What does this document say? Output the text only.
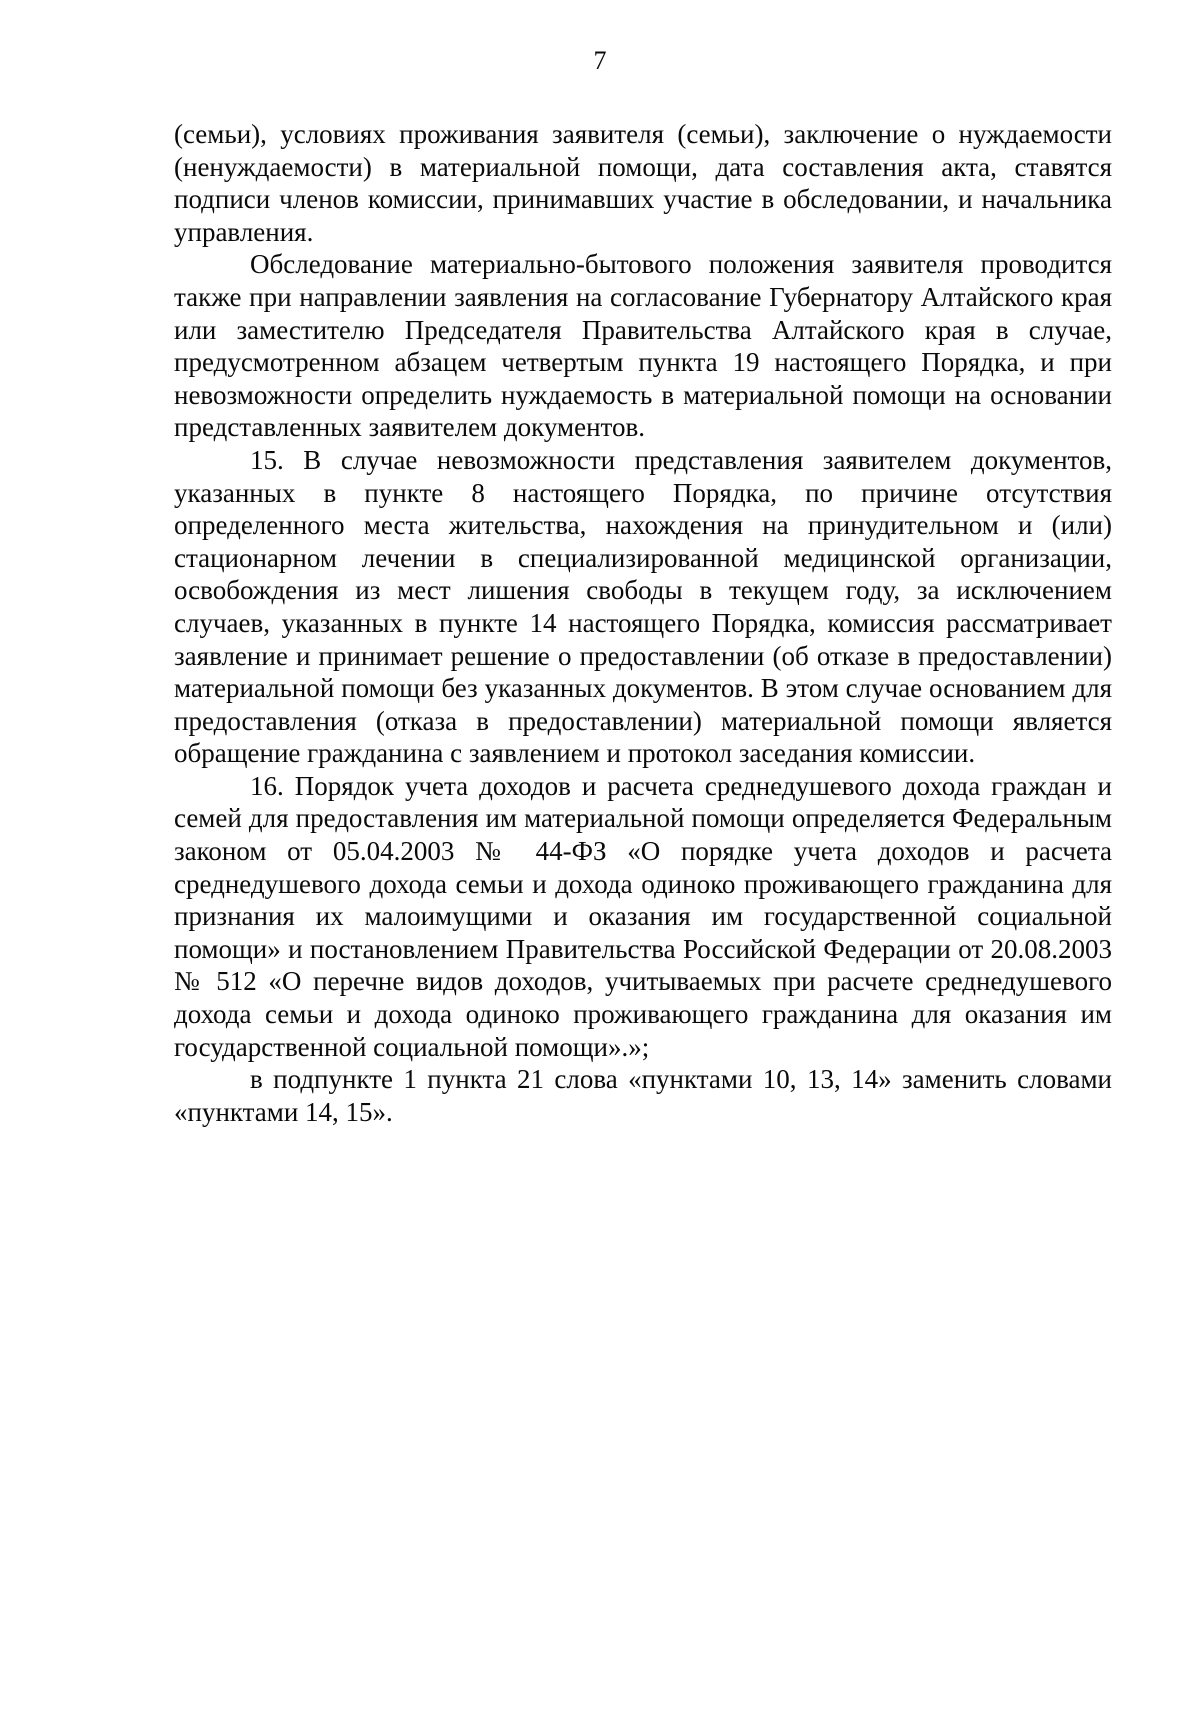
7

(семьи), условиях проживания заявителя (семьи), заключение о нуждаемости (ненуждаемости) в материальной помощи, дата составления акта, ставятся подписи членов комиссии, принимавших участие в обследовании, и начальника управления.

Обследование материально-бытового положения заявителя проводится также при направлении заявления на согласование Губернатору Алтайского края или заместителю Председателя Правительства Алтайского края в случае, предусмотренном абзацем четвертым пункта 19 настоящего Порядка, и при невозможности определить нуждаемость в материальной помощи на основании представленных заявителем документов.

15. В случае невозможности представления заявителем документов, указанных в пункте 8 настоящего Порядка, по причине отсутствия определенного места жительства, нахождения на принудительном и (или) стационарном лечении в специализированной медицинской организации, освобождения из мест лишения свободы в текущем году, за исключением случаев, указанных в пункте 14 настоящего Порядка, комиссия рассматривает заявление и принимает решение о предоставлении (об отказе в предоставлении) материальной помощи без указанных документов. В этом случае основанием для предоставления (отказа в предоставлении) материальной помощи является обращение гражданина с заявлением и протокол заседания комиссии.

16. Порядок учета доходов и расчета среднедушевого дохода граждан и семей для предоставления им материальной помощи определяется Федеральным законом от 05.04.2003 № 44-ФЗ «О порядке учета доходов и расчета среднедушевого дохода семьи и дохода одиноко проживающего гражданина для признания их малоимущими и оказания им государственной социальной помощи» и постановлением Правительства Российской Федерации от 20.08.2003 № 512 «О перечне видов доходов, учитываемых при расчете среднедушевого дохода семьи и дохода одиноко проживающего гражданина для оказания им государственной социальной помощи».»;

в подпункте 1 пункта 21 слова «пунктами 10, 13, 14» заменить словами «пунктами 14, 15».
